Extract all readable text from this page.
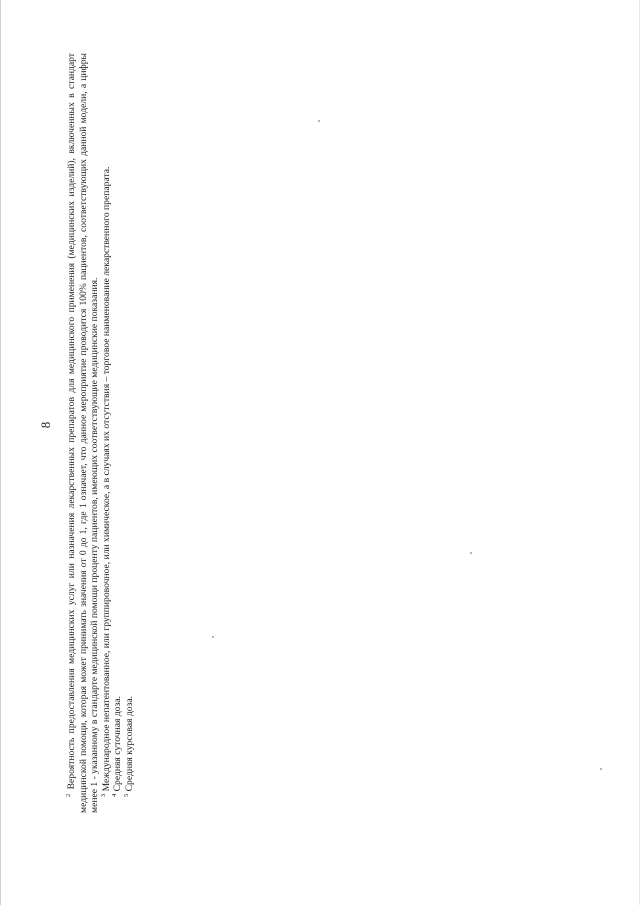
8

$^2$ Вероятность предоставления медицинских услуг или назначения лекарственных препаратов для медицинского применения (медицинских изделий), включенных в стандарт медицинской помощи, которая может принимать значения от 0 до 1, где 1 означает, что данное мероприятие проводится 100% пациентов, соответствующих данной модели, а цифры менее 1 - указанному в стандарте медицинской помощи проценту пациентов, имеющих соответствующие медицинские показания. $^3$ Международное непатентованное, или группировочное, или химическое, а в случаях их отсутствия – торговое наименование лекарственного препарата.

$^4$ Средняя суточная доза.

$^5$ Средняя курсовая доза.
